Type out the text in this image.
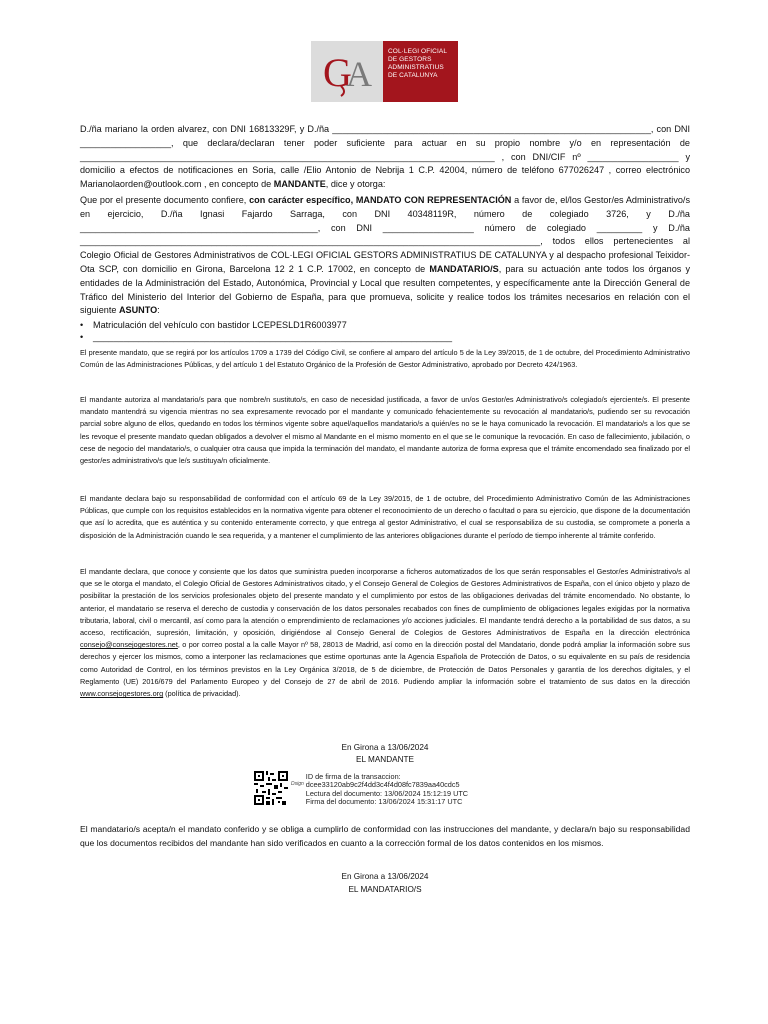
G
A
COL·LEGI OFICIAL
DE GESTORS
ADMINISTRATIUS
DE CATALUNYA

D./ña mariano la orden alvarez, con DNI 16813329F, y D./ña _______________________________________________________________, con DNI __________________, que declara/declaran tener poder suficiente para actuar en su propio nombre y/o en representación de __________________________________________________________________________________ , con DNI/CIF nº __________________ y domicilio a efectos de notificaciones en Soria, calle /Elio Antonio de Nebrija 1 C.P. 42004, número de teléfono 677026247 , correo electrónico Marianolaorden@outlook.com , en concepto de MANDANTE, dice y otorga:

Que por el presente documento confiere, con carácter específico, MANDATO CON REPRESENTACIÓN a favor de, el/los Gestor/es Administrativo/s en ejercicio, D./ña Ignasi Fajardo Sarraga, con DNI 40348119R, número de colegiado 3726, y D./ña _______________________________________________, con DNI __________________ número de colegiado _________ y D./ña ___________________________________________________________________________________________, todos ellos pertenecientes al Colegio Oficial de Gestores Administrativos de COL·LEGI OFICIAL GESTORS ADMINISTRATIUS DE CATALUNYA y al despacho profesional Teixidor-Ota SCP, con domicilio en Girona, Barcelona 12 2 1 C.P. 17002, en concepto de MANDATARIO/S, para su actuación ante todos los órganos y entidades de la Administración del Estado, Autonómica, Provincial y Local que resulten competentes, y específicamente ante la Dirección General de Tráfico del Ministerio del Interior del Gobierno de España, para que promueva, solicite y realice todos los trámites necesarios en relación con el siguiente ASUNTO:

• Matriculación del vehículo con bastidor LCEPESLD1R6003977
• _______________________________________________________________________

El presente mandato, que se regirá por los artículos 1709 a 1739 del Código Civil, se confiere al amparo del artículo 5 de la Ley 39/2015, de 1 de octubre, del Procedimiento Administrativo Común de las Administraciones Públicas, y del artículo 1 del Estatuto Orgánico de la Profesión de Gestor Administrativo, aprobado por Decreto 424/1963.

El mandante autoriza al mandatario/s para que nombre/n sustituto/s, en caso de necesidad justificada, a favor de un/os Gestor/es Administrativo/s colegiado/s ejerciente/s. El presente mandato mantendrá su vigencia mientras no sea expresamente revocado por el mandante y comunicado fehacientemente su revocación al mandatario/s, pudiendo ser su revocación parcial sobre alguno de ellos, quedando en todos los términos vigente sobre aquel/aquellos mandatario/s a quién/es no se le haya comunicado la revocación. El mandatario/s a los que se les revoque el presente mandato quedan obligados a devolver el mismo al Mandante en el mismo momento en el que se le comunique la revocación. En caso de fallecimiento, jubilación, o cese de negocio del mandatario/s, o cualquier otra causa que impida la terminación del mandato, el mandante autoriza de forma expresa que el trámite encomendado sea finalizado por el gestor/es administrativo/s que le/s sustituya/n oficialmente.

El mandante declara bajo su responsabilidad de conformidad con el artículo 69 de la Ley 39/2015, de 1 de octubre, del Procedimiento Administrativo Común de las Administraciones Públicas, que cumple con los requisitos establecidos en la normativa vigente para obtener el reconocimiento de un derecho o facultad o para su ejercicio, que dispone de la documentación que así lo acredita, que es auténtica y su contenido enteramente correcto, y que entrega al gestor Administrativo, el cual se responsabiliza de su custodia, se compromete a ponerla a disposición de la Administración cuando le sea requerida, y a mantener el cumplimiento de las anteriores obligaciones durante el período de tiempo inherente al trámite conferido.

El mandante declara, que conoce y consiente que los datos que suministra pueden incorporarse a ficheros automatizados de los que serán responsables el Gestor/es Administrativo/s al que se le otorga el mandato, el Colegio Oficial de Gestores Administrativos citado, y el Consejo General de Colegios de Gestores Administrativos de España, con el único objeto y plazo de posibilitar la prestación de los servicios profesionales objeto del presente mandato y el cumplimiento por estos de las obligaciones derivadas del trámite encomendado. No obstante, lo anterior, el mandatario se reserva el derecho de custodia y conservación de los datos personales recabados con fines de cumplimiento de obligaciones legales exigidas por la normativa tributaria, laboral, civil o mercantil, así como para la atención o emprendimiento de reclamaciones y/o acciones judiciales. El mandante tendrá derecho a la portabilidad de sus datos, a su acceso, rectificación, supresión, limitación, y oposición, dirigiéndose al Consejo General de Colegios de Gestores Administrativos de España en la dirección electrónica consejo@consejogestores.net, o por correo postal a la calle Mayor nº 58, 28013 de Madrid, así como en la dirección postal del Mandatario, donde podrá ampliar la información sobre sus derechos y ejercer los mismos, como a interponer las reclamaciones que estime oportunas ante la Agencia Española de Protección de Datos, o su equivalente en su país de residencia como Autoridad de Control, en los términos previstos en la Ley Orgánica 3/2018, de 5 de diciembre, de Protección de Datos Personales y garantía de los derechos digitales, y el Reglamento (UE) 2016/679 del Parlamento Europeo y del Consejo de 27 de abril de 2016. Pudiendo ampliar la información sobre el tratamiento de sus datos en la dirección www.consejogestores.org (política de privacidad).

En Girona a 13/06/2024

EL MANDANTE

Dsign
ID de firma de la transaccion:
dcee33120ab9c2f4dd3c4f4d08fc7839aa40cdc5
Lectura del documento: 13/06/2024 15:12:19 UTC
Firma del documento: 13/06/2024 15:31:17 UTC

El mandatario/s acepta/n el mandato conferido y se obliga a cumplirlo de conformidad con las instrucciones del mandante, y declara/n bajo su responsabilidad que los documentos recibidos del mandante han sido verificados en cuanto a la corrección formal de los datos contenidos en los mismos.

En Girona a 13/06/2024

EL MANDATARIO/S
